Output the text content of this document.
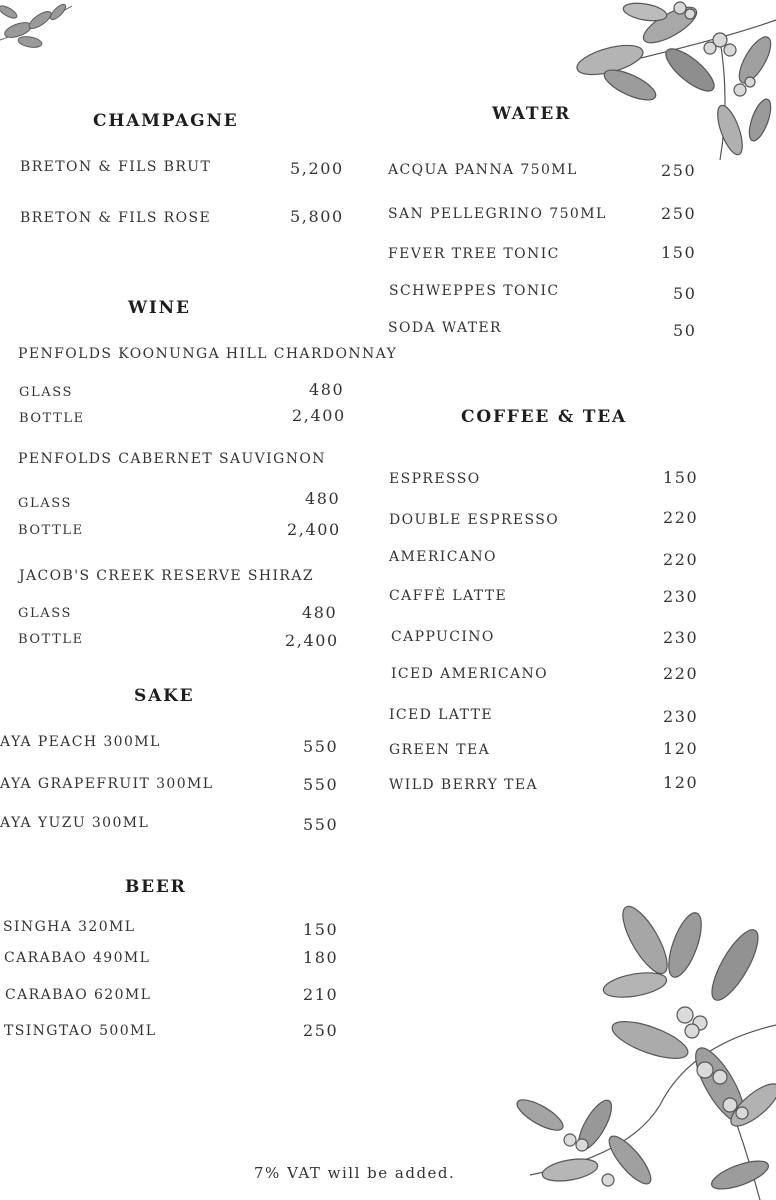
CHAMPAGNE
BRETON & FILS BRUT	5,200
BRETON & FILS ROSE	5,800
WINE
PENFOLDS KOONUNGA HILL CHARDONNAY
GLASS	480
BOTTLE	2,400
PENFOLDS CABERNET SAUVIGNON
GLASS	480
BOTTLE	2,400
JACOB'S CREEK RESERVE SHIRAZ
GLASS	480
BOTTLE	2,400
SAKE
AYA PEACH 300ML	550
AYA GRAPEFRUIT 300ML	550
AYA YUZU 300ML	550
BEER
SINGHA 320ML	150
CARABAO 490ML	180
CARABAO 620ML	210
TSINGTAO 500ML	250
WATER
ACQUA PANNA 750ML	250
SAN PELLEGRINO 750ML	250
FEVER TREE TONIC	150
SCHWEPPES TONIC	50
SODA WATER	50
COFFEE & TEA
ESPRESSO	150
DOUBLE ESPRESSO	220
AMERICANO	220
CAFFÈ LATTE	230
CAPPUCINO	230
ICED AMERICANO	220
ICED LATTE	230
GREEN TEA	120
WILD BERRY TEA	120
7% VAT will be added.
